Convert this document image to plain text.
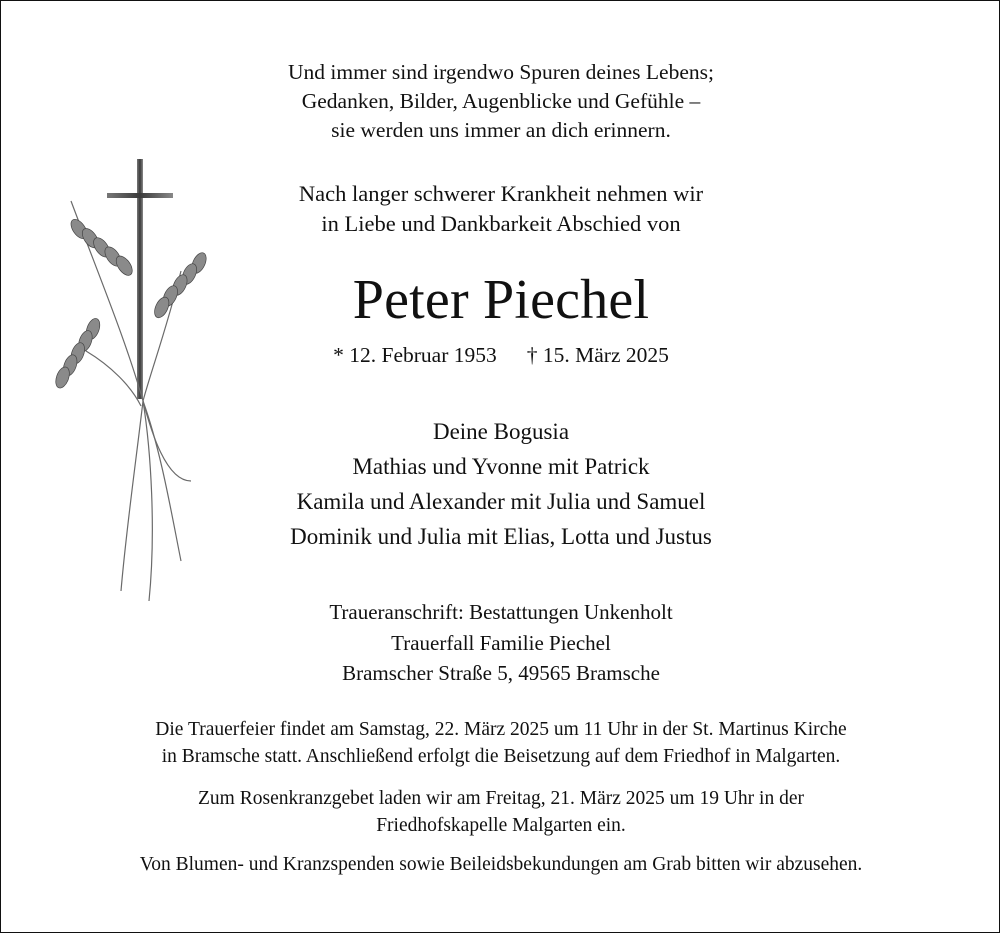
Und immer sind irgendwo Spuren deines Lebens;
Gedanken, Bilder, Augenblicke und Gefühle –
sie werden uns immer an dich erinnern.
Nach langer schwerer Krankheit nehmen wir
in Liebe und Dankbarkeit Abschied von
Peter Piechel
* 12. Februar 1953 † 15. März 2025
Deine Bogusia
Mathias und Yvonne mit Patrick
Kamila und Alexander mit Julia und Samuel
Dominik und Julia mit Elias, Lotta und Justus
Traueranschrift: Bestattungen Unkenholt
Trauerfall Familie Piechel
Bramscher Straße 5, 49565 Bramsche
Die Trauerfeier findet am Samstag, 22. März 2025 um 11 Uhr in der St. Martinus Kirche
in Bramsche statt. Anschließend erfolgt die Beisetzung auf dem Friedhof in Malgarten.
Zum Rosenkranzgebet laden wir am Freitag, 21. März 2025 um 19 Uhr in der
Friedhofskapelle Malgarten ein.
Von Blumen- und Kranzspenden sowie Beileidsbekundungen am Grab bitten wir abzusehen.
